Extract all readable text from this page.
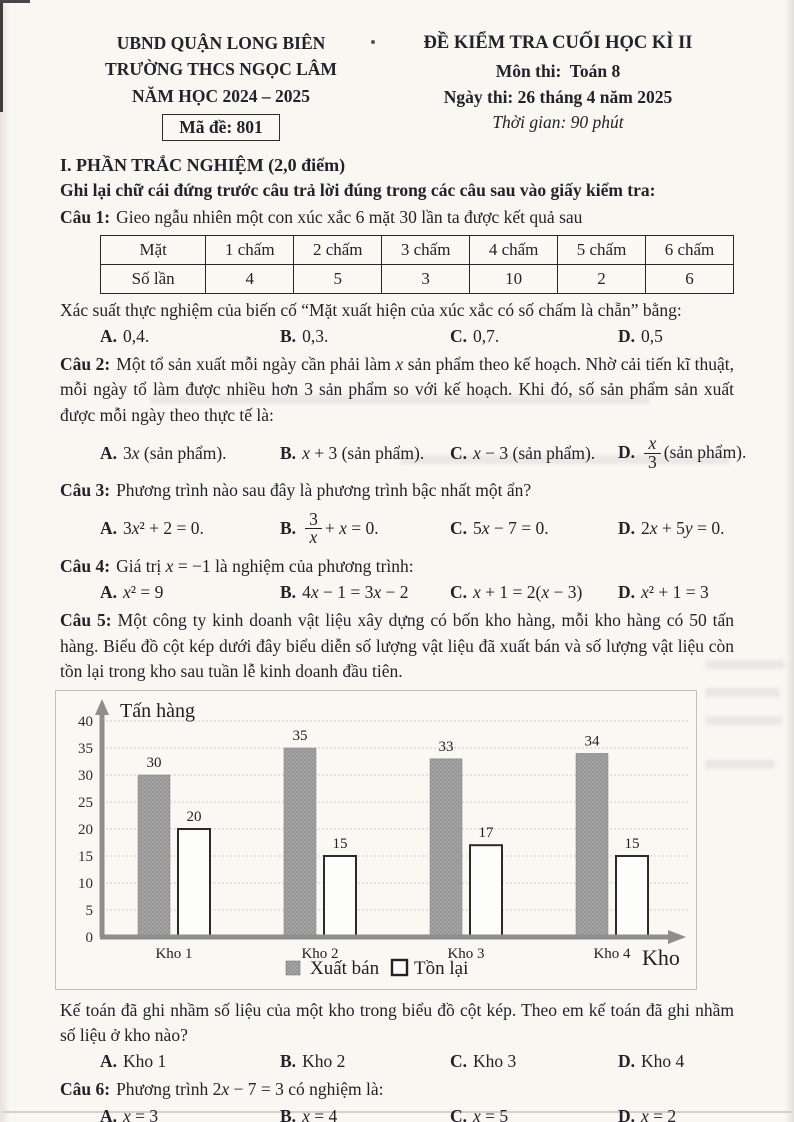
UBND QUẬN LONG BIÊN
TRƯỜNG THCS NGỌC LÂM
NĂM HỌC 2024 – 2025
Mã đề: 801
ĐỀ KIỂM TRA CUỐI HỌC KÌ II
Môn thi:  Toán 8
Ngày thi: 26 tháng 4 năm 2025
Thời gian: 90 phút
I. PHẦN TRẮC NGHIỆM (2,0 điểm)
Ghi lại chữ cái đứng trước câu trả lời đúng trong các câu sau vào giấy kiểm tra:

Câu 1: Gieo ngẫu nhiên một con xúc xắc 6 mặt 30 lần ta được kết quả sau

Mặt	1 chấm	2 chấm	3 chấm	4 chấm	5 chấm	6 chấm
Số lần	4	5	3	10	2	6

Xác suất thực nghiệm của biến cố “Mặt xuất hiện của xúc xắc có số chấm là chẵn” bằng:

A. 0,4.	B. 0,3.	C. 0,7.	D. 0,5

Câu 2: Một tổ sản xuất mỗi ngày cần phải làm x sản phẩm theo kế hoạch. Nhờ cải tiến kĩ thuật, mỗi ngày tổ làm được nhiều hơn 3 sản phẩm so với kế hoạch. Khi đó, số sản phẩm sản xuất được mỗi ngày theo thực tế là:

A. 3x (sản phẩm).	B. x + 3 (sản phẩm).	C. x − 3 (sản phẩm).	D. $\frac{x}{3}$ (sản phẩm).

Câu 3: Phương trình nào sau đây là phương trình bậc nhất một ẩn?

A. 3x² + 2 = 0.	B. $\frac{3}{x} + x = 0$.	C. 5x − 7 = 0.	D. 2x + 5y = 0.

Câu 4: Giá trị x = −1 là nghiệm của phương trình:

A. x² = 9	B. 4x − 1 = 3x − 2	C. x + 1 = 2(x − 3)	D. x² + 1 = 3

Câu 5: Một công ty kinh doanh vật liệu xây dựng có bốn kho hàng, mỗi kho hàng có 50 tấn hàng. Biểu đồ cột kép dưới đây biểu diễn số lượng vật liệu đã xuất bán và số lượng vật liệu còn tồn lại trong kho sau tuần lễ kinh doanh đầu tiên.

0
5
10
15
20
25
30
35
40
30
20
Kho 1
35
15
Kho 2
33
17
Kho 3
34
15
Kho 4
Tấn hàng
Kho
Xuất bán Tồn lại

Kế toán đã ghi nhầm số liệu của một kho trong biểu đồ cột kép. Theo em kế toán đã ghi nhầm số liệu ở kho nào?

A. Kho 1	B. Kho 2	C. Kho 3	D. Kho 4

Câu 6: Phương trình 2x − 7 = 3 có nghiệm là:

A. x = 3	B. x = 4	C. x = 5	D. x = 2
